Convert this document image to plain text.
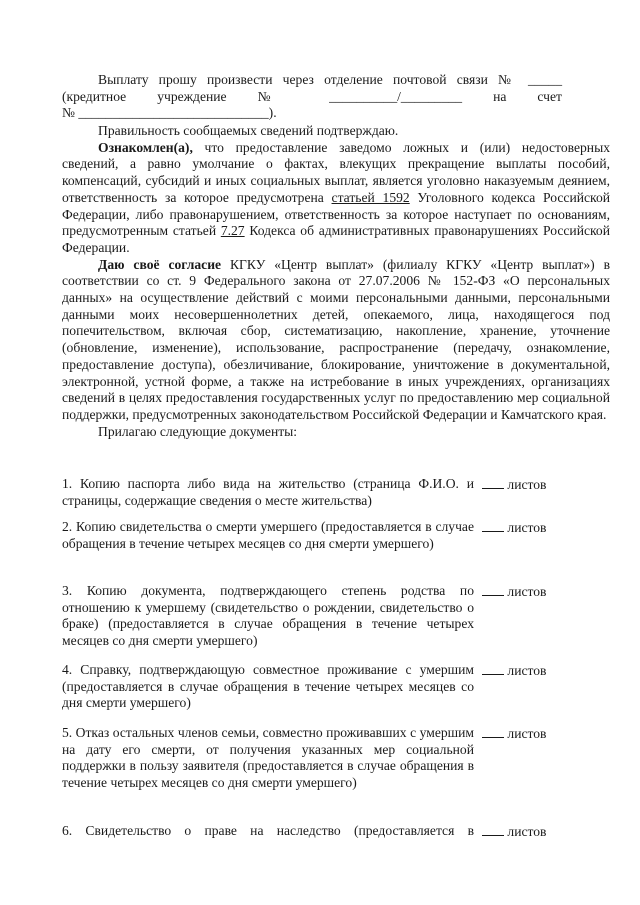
Выплату прошу произвести через отделение почтовой связи № _____
(кредитное учреждение № __________/_________ на счет
№ ____________________________).

Правильность сообщаемых сведений подтверждаю.

Ознакомлен(а), что предоставление заведомо ложных и (или) недостоверных сведений, а равно умолчание о фактах, влекущих прекращение выплаты пособий, компенсаций, субсидий и иных социальных выплат, является уголовно наказуемым деянием, ответственность за которое предусмотрена статьей 1592 Уголовного кодекса Российской Федерации, либо правонарушением, ответственность за которое наступает по основаниям, предусмотренным статьей 7.27 Кодекса об административных правонарушениях Российской Федерации.

Даю своё согласие КГКУ «Центр выплат» (филиалу КГКУ «Центр выплат») в соответствии со ст. 9 Федерального закона от 27.07.2006 № 152-ФЗ «О персональных данных» на осуществление действий с моими персональными данными, персональными данными моих несовершеннолетних детей, опекаемого, лица, находящегося под попечительством, включая сбор, систематизацию, накопление, хранение, уточнение (обновление, изменение), использование, распространение (передачу, ознакомление, предоставление доступа), обезличивание, блокирование, уничтожение в документальной, электронной, устной форме, а также на истребование в иных учреждениях, организациях сведений в целях предоставления государственных услуг по предоставлению мер социальной поддержки, предусмотренных законодательством Российской Федерации и Камчатского края.

Прилагаю следующие документы:

1. Копию паспорта либо вида на жительство (страница Ф.И.О. и страницы, содержащие сведения о месте жительства)
листов
2. Копию свидетельства о смерти умершего (предоставляется в случае обращения в течение четырех месяцев со дня смерти умершего)
листов
3. Копию документа, подтверждающего степень родства по отношению к умершему (свидетельство о рождении, свидетельство о браке) (предоставляется в случае обращения в течение четырех месяцев со дня смерти умершего)
листов
4. Справку, подтверждающую совместное проживание с умершим (предоставляется в случае обращения в течение четырех месяцев со дня смерти умершего)
листов
5. Отказ остальных членов семьи, совместно проживавших с умершим на дату его смерти, от получения указанных мер социальной поддержки в пользу заявителя (предоставляется в случае обращения в течение четырех месяцев со дня смерти умершего)
листов
6. Свидетельство о праве на наследство (предоставляется в	листов
